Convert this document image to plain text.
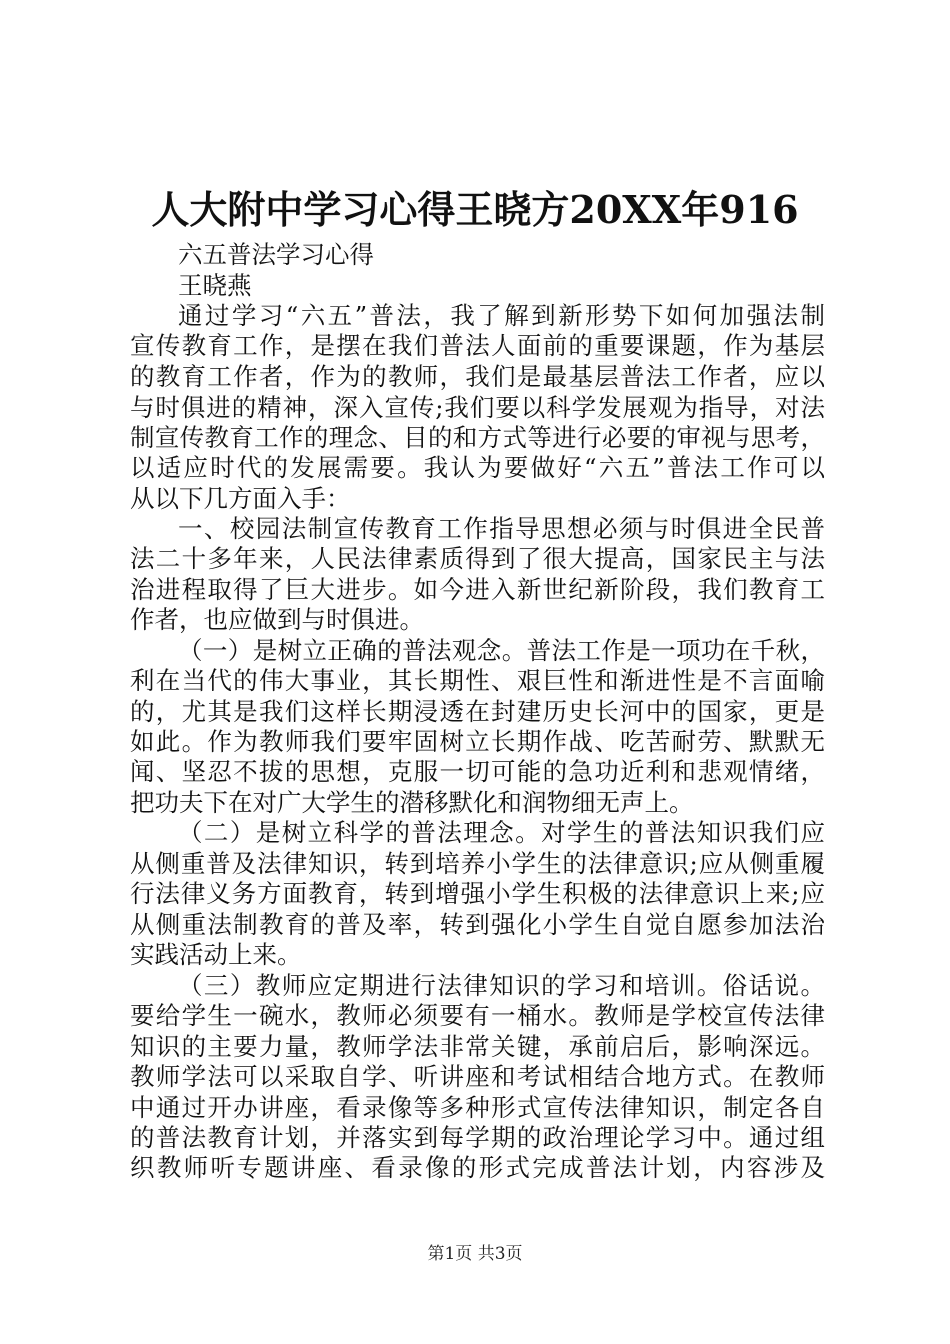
人大附中学习心得王晓方20XX年916
六五普法学习心得
王晓燕
通过学习“六五”普法，我了解到新形势下如何加强法制
宣传教育工作，是摆在我们普法人面前的重要课题，作为基层
的教育工作者，作为的教师，我们是最基层普法工作者，应以
与时俱进的精神，深入宣传;我们要以科学发展观为指导，对法
制宣传教育工作的理念、目的和方式等进行必要的审视与思考，
以适应时代的发展需要。我认为要做好“六五”普法工作可以
从以下几方面入手：
一、校园法制宣传教育工作指导思想必须与时俱进全民普
法二十多年来，人民法律素质得到了很大提高，国家民主与法
治进程取得了巨大进步。如今进入新世纪新阶段，我们教育工
作者，也应做到与时俱进。
（一）是树立正确的普法观念。普法工作是一项功在千秋，
利在当代的伟大事业，其长期性、艰巨性和渐进性是不言面喻
的，尤其是我们这样长期浸透在封建历史长河中的国家，更是
如此。作为教师我们要牢固树立长期作战、吃苦耐劳、默默无
闻、坚忍不拔的思想，克服一切可能的急功近利和悲观情绪，
把功夫下在对广大学生的潜移默化和润物细无声上。
（二）是树立科学的普法理念。对学生的普法知识我们应
从侧重普及法律知识，转到培养小学生的法律意识;应从侧重履
行法律义务方面教育，转到增强小学生积极的法律意识上来;应
从侧重法制教育的普及率，转到强化小学生自觉自愿参加法治
实践活动上来。
（三）教师应定期进行法律知识的学习和培训。俗话说。
要给学生一碗水，教师必须要有一桶水。教师是学校宣传法律
知识的主要力量，教师学法非常关键，承前启后，影响深远。
教师学法可以采取自学、听讲座和考试相结合地方式。在教师
中通过开办讲座，看录像等多种形式宣传法律知识，制定各自
的普法教育计划，并落实到每学期的政治理论学习中。通过组
织教师听专题讲座、看录像的形式完成普法计划，内容涉及
第1页 共3页
